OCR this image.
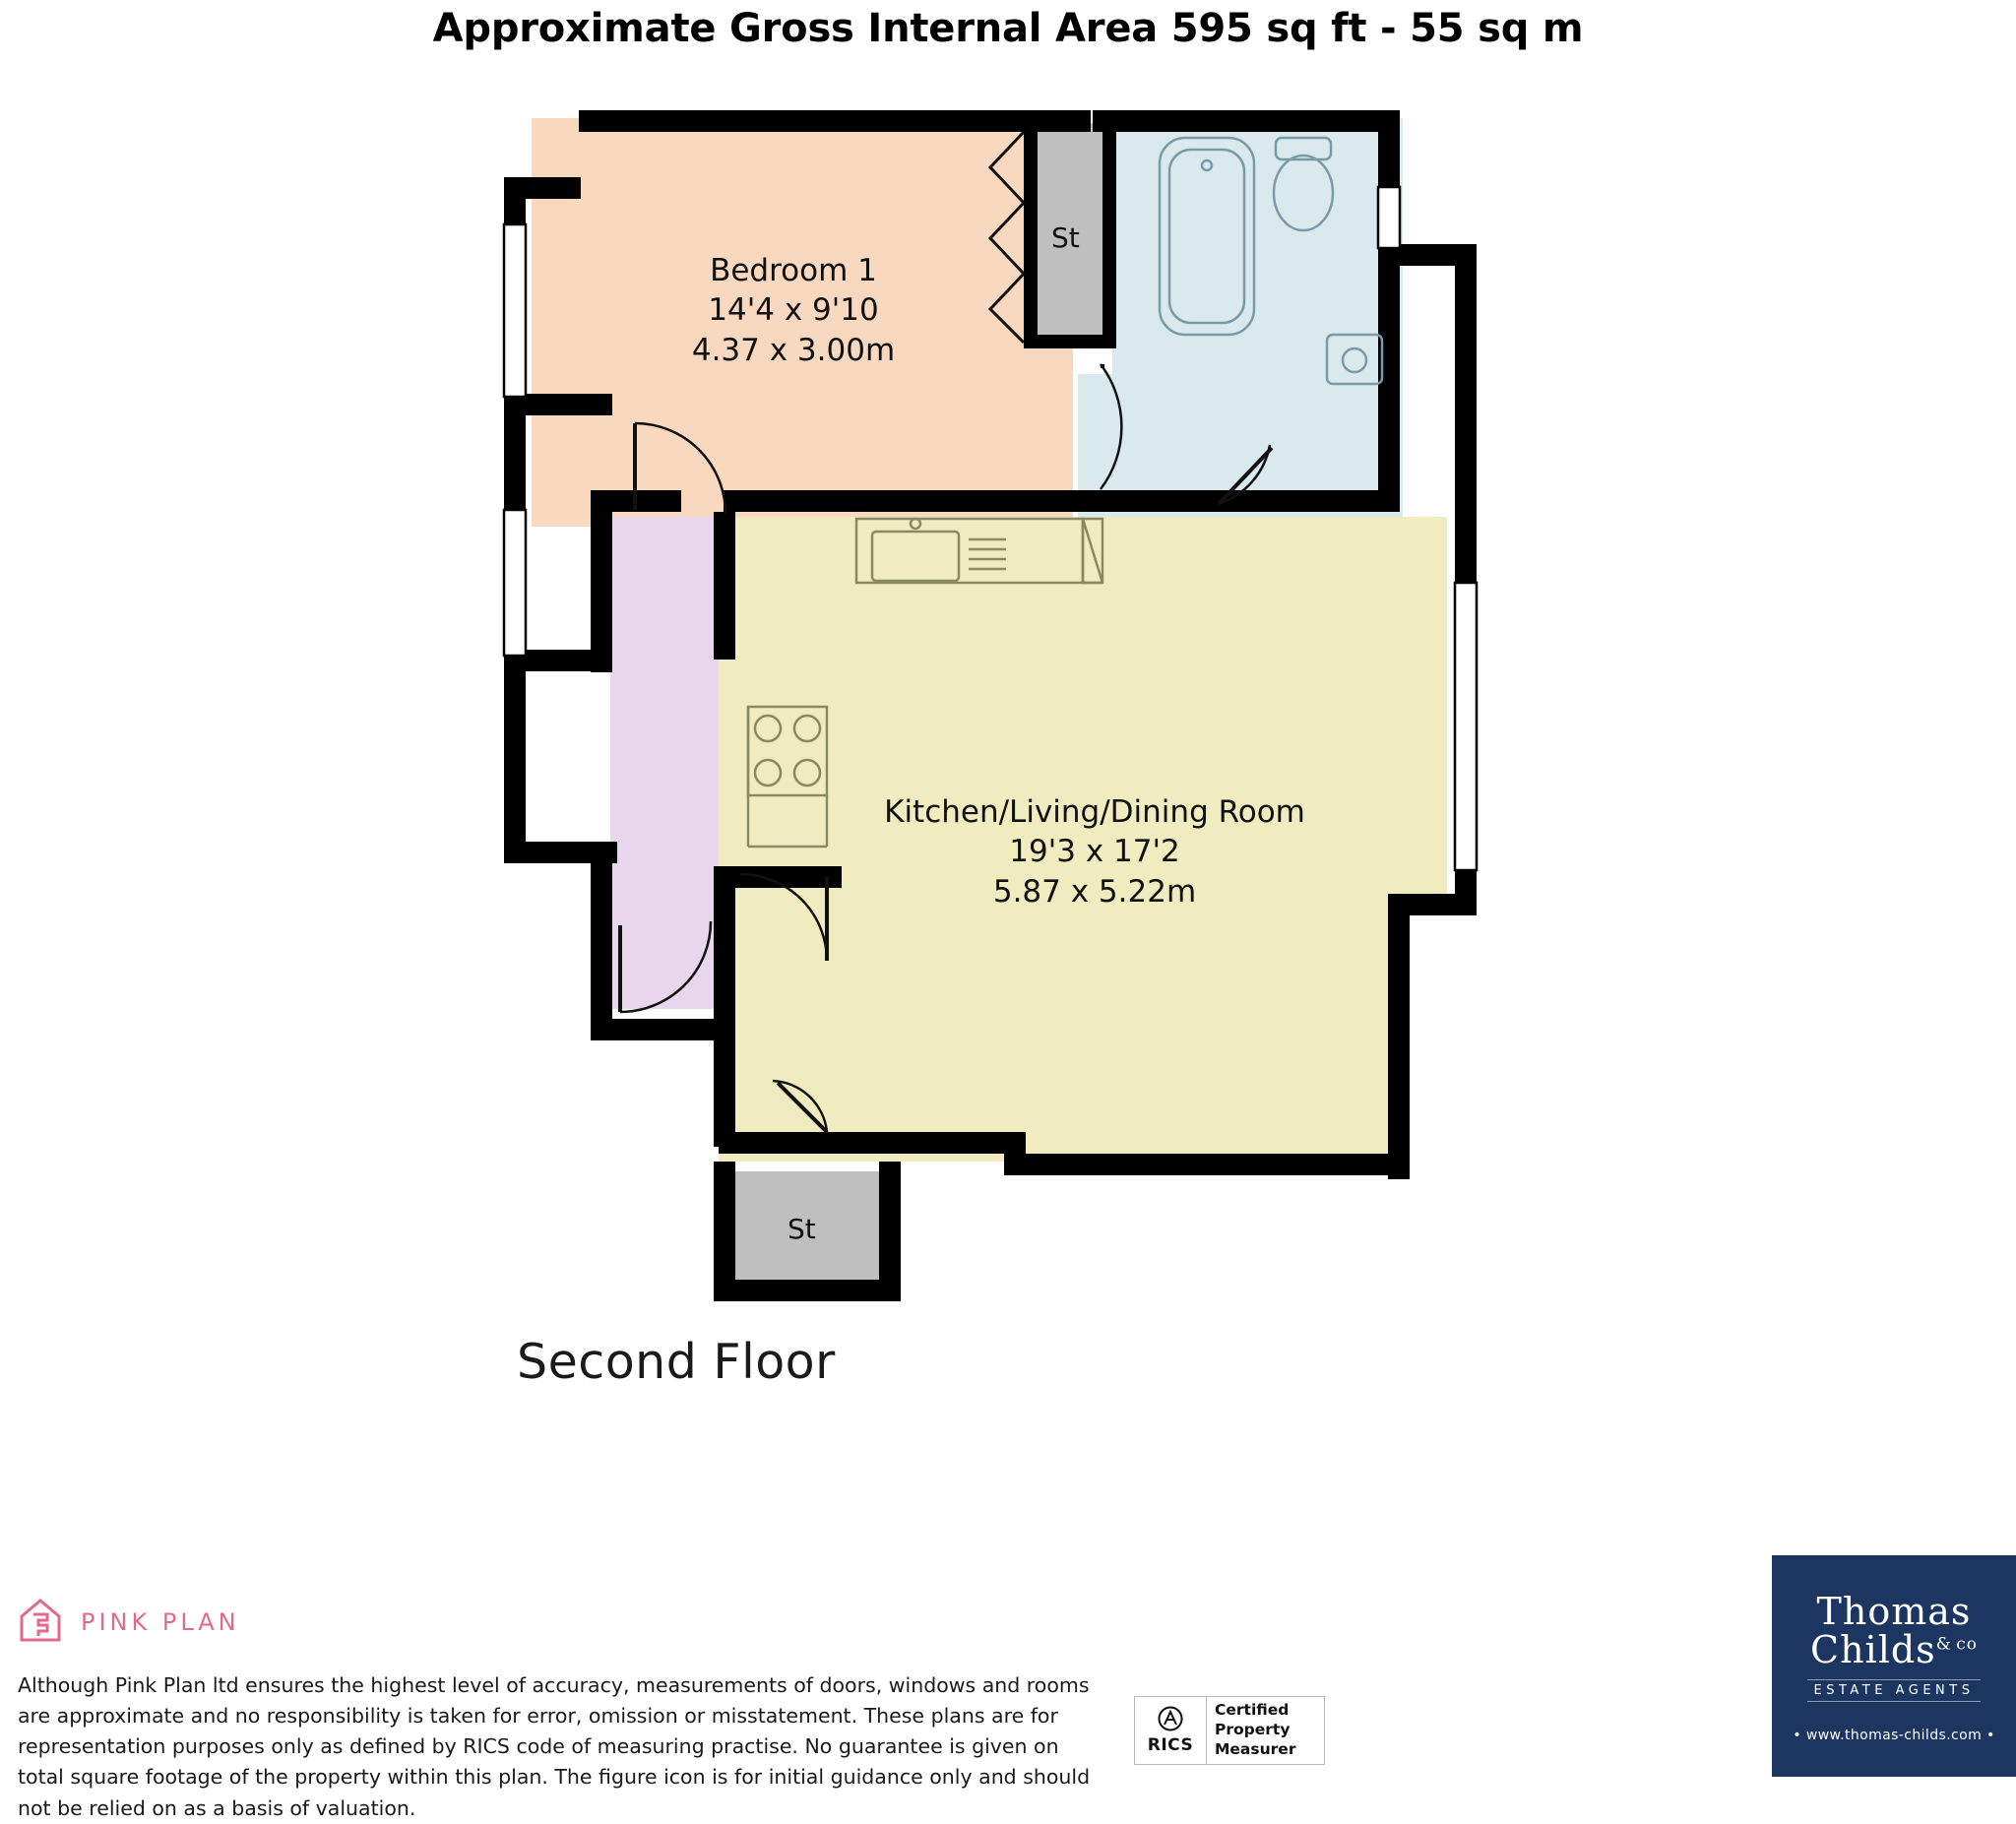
Approximate Gross Internal Area 595 sq ft - 55 sq m
Bedroom 1
14'4 x 9'10
4.37 x 3.00m
Kitchen/Living/Dining Room
19'3 x 17'2
5.87 x 5.22m
St
St
Second Floor
PINK PLAN
Although Pink Plan ltd ensures the highest level of accuracy, measurements of doors, windows and rooms are approximate and no responsibility is taken for error, omission or misstatement. These plans are for representation purposes only as defined by RICS code of measuring practise. No guarantee is given on total square footage of the property within this plan. The figure icon is for initial guidance only and should not be relied on as a basis of valuation.
RICS
Certified
Property
Measurer
Thomas
Childs$^{\& co}$
ESTATE AGENTS
• www.thomas-childs.com •
